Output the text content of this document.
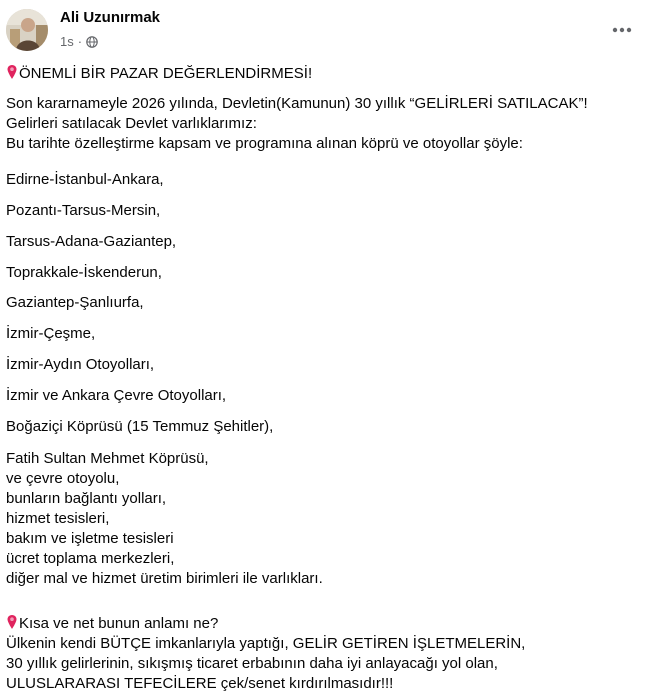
Ali Uzunırmak
1s ·
ÖNEMLİ BİR PAZAR DEĞERLENDİRMESİ!
Son kararnameyle 2026 yılında, Devletin(Kamunun) 30 yıllık “GELİRLERİ SATILACAK”!
Gelirleri satılacak Devlet varlıklarımız:
Bu tarihte özelleştirme kapsam ve programına alınan köprü ve otoyollar şöyle:
Edirne-İstanbul-Ankara,
Pozantı-Tarsus-Mersin,
Tarsus-Adana-Gaziantep,
Toprakkale-İskenderun,
Gaziantep-Şanlıurfa,
İzmir-Çeşme,
İzmir-Aydın Otoyolları,
İzmir ve Ankara Çevre Otoyolları,
Boğaziçi Köprüsü (15 Temmuz Şehitler),
Fatih Sultan Mehmet Köprüsü,
ve çevre otoyolu,
bunların bağlantı yolları,
hizmet tesisleri,
bakım ve işletme tesisleri
ücret toplama merkezleri,
diğer mal ve hizmet üretim birimleri ile varlıkları.
Kısa ve net bunun anlamı ne?
Ülkenin kendi BÜTÇE imkanlarıyla yaptığı, GELİR GETİREN İŞLETMELERİN,
30 yıllık gelirlerinin, sıkışmış ticaret erbabının daha iyi anlayacağı yol olan,
ULUSLARARASI TEFECİLERE çek/senet kırdırılmasıdır!!!
